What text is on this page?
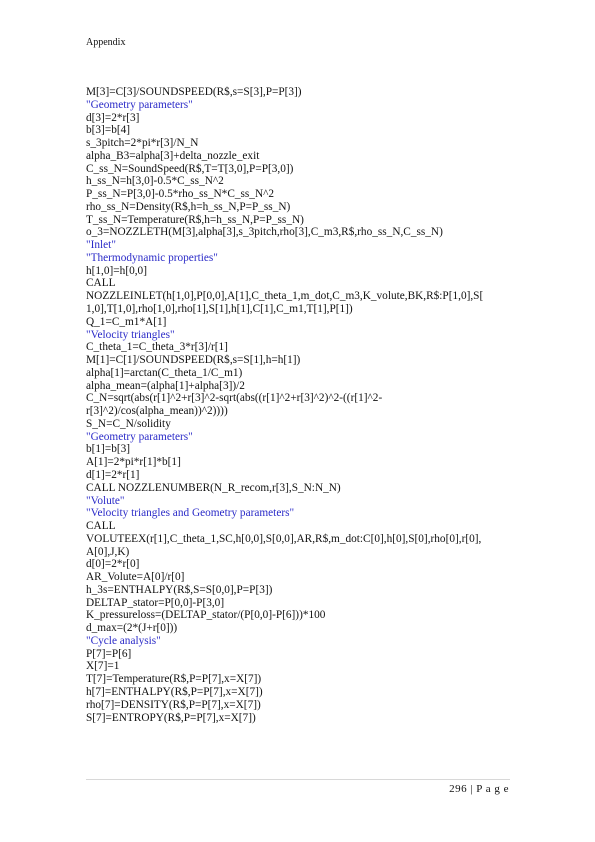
Appendix
M[3]=C[3]/SOUNDSPEED(R$,s=S[3],P=P[3])
"Geometry parameters"
d[3]=2*r[3]
b[3]=b[4]
s_3pitch=2*pi*r[3]/N_N
alpha_B3=alpha[3]+delta_nozzle_exit
C_ss_N=SoundSpeed(R$,T=T[3,0],P=P[3,0])
h_ss_N=h[3,0]-0.5*C_ss_N^2
P_ss_N=P[3,0]-0.5*rho_ss_N*C_ss_N^2
rho_ss_N=Density(R$,h=h_ss_N,P=P_ss_N)
T_ss_N=Temperature(R$,h=h_ss_N,P=P_ss_N)
o_3=NOZZLETH(M[3],alpha[3],s_3pitch,rho[3],C_m3,R$,rho_ss_N,C_ss_N)
"Inlet"
"Thermodynamic properties"
h[1,0]=h[0,0]
CALL
NOZZLEINLET(h[1,0],P[0,0],A[1],C_theta_1,m_dot,C_m3,K_volute,BK,R$:P[1,0],S[
1,0],T[1,0],rho[1,0],rho[1],S[1],h[1],C[1],C_m1,T[1],P[1])
Q_1=C_m1*A[1]
"Velocity triangles"
C_theta_1=C_theta_3*r[3]/r[1]
M[1]=C[1]/SOUNDSPEED(R$,s=S[1],h=h[1])
alpha[1]=arctan(C_theta_1/C_m1)
alpha_mean=(alpha[1]+alpha[3])/2
C_N=sqrt(abs(r[1]^2+r[3]^2-sqrt(abs((r[1]^2+r[3]^2)^2-((r[1]^2-
r[3]^2)/cos(alpha_mean))^2))))
S_N=C_N/solidity
"Geometry parameters"
b[1]=b[3]
A[1]=2*pi*r[1]*b[1]
d[1]=2*r[1]
CALL NOZZLENUMBER(N_R_recom,r[3],S_N:N_N)
"Volute"
"Velocity triangles and Geometry parameters"
CALL
VOLUTEEX(r[1],C_theta_1,SC,h[0,0],S[0,0],AR,R$,m_dot:C[0],h[0],S[0],rho[0],r[0],
A[0],J,K)
d[0]=2*r[0]
AR_Volute=A[0]/r[0]
h_3s=ENTHALPY(R$,S=S[0,0],P=P[3])
DELTAP_stator=P[0,0]-P[3,0]
K_pressureloss=(DELTAP_stator/(P[0,0]-P[6]))*100
d_max=(2*(J+r[0]))
"Cycle analysis"
P[7]=P[6]
X[7]=1
T[7]=Temperature(R$,P=P[7],x=X[7])
h[7]=ENTHALPY(R$,P=P[7],x=X[7])
rho[7]=DENSITY(R$,P=P[7],x=X[7])
S[7]=ENTROPY(R$,P=P[7],x=X[7])
296 | P a g e
